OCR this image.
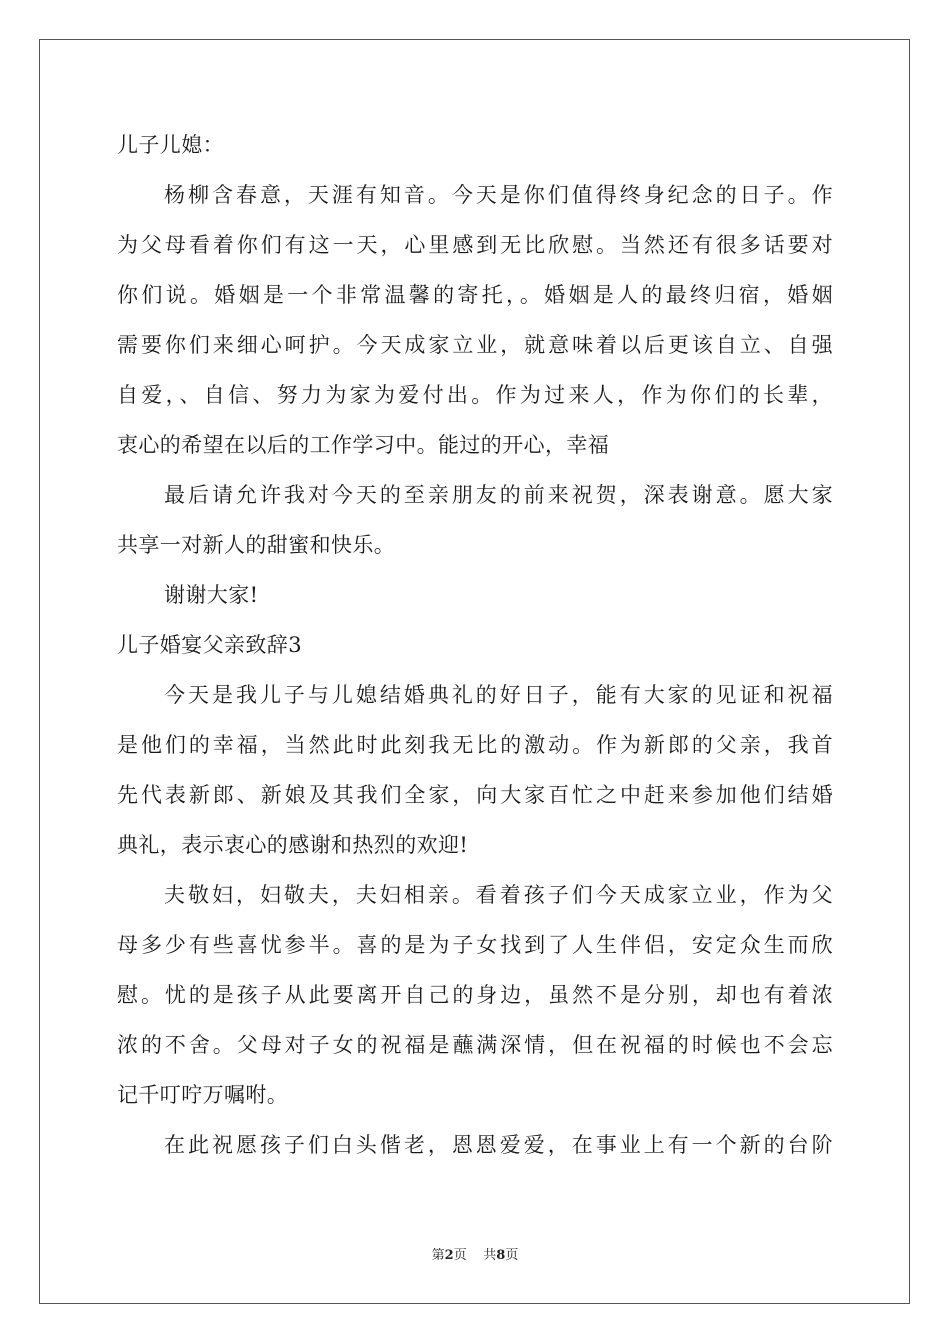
儿子儿媳：
杨柳含春意，天涯有知音。今天是你们值得终身纪念的日子。作
为父母看着你们有这一天，心里感到无比欣慰。当然还有很多话要对
你们说。婚姻是一个非常温馨的寄托，。婚姻是人的最终归宿，婚姻
需要你们来细心呵护。今天成家立业，就意味着以后更该自立、自强
自爱，、自信、努力为家为爱付出。作为过来人，作为你们的长辈，
衷心的希望在以后的工作学习中。能过的开心，幸福
最后请允许我对今天的至亲朋友的前来祝贺，深表谢意。愿大家
共享一对新人的甜蜜和快乐。
谢谢大家!
儿子婚宴父亲致辞3
今天是我儿子与儿媳结婚典礼的好日子，能有大家的见证和祝福
是他们的幸福，当然此时此刻我无比的激动。作为新郎的父亲，我首
先代表新郎、新娘及其我们全家，向大家百忙之中赶来参加他们结婚
典礼，表示衷心的感谢和热烈的欢迎!
夫敬妇，妇敬夫，夫妇相亲。看着孩子们今天成家立业，作为父
母多少有些喜忧参半。喜的是为子女找到了人生伴侣，安定众生而欣
慰。忧的是孩子从此要离开自己的身边，虽然不是分别，却也有着浓
浓的不舍。父母对子女的祝福是蘸满深情，但在祝福的时候也不会忘
记千叮咛万嘱咐。
在此祝愿孩子们白头偕老，恩恩爱爱，在事业上有一个新的台阶
第2页 共8页
